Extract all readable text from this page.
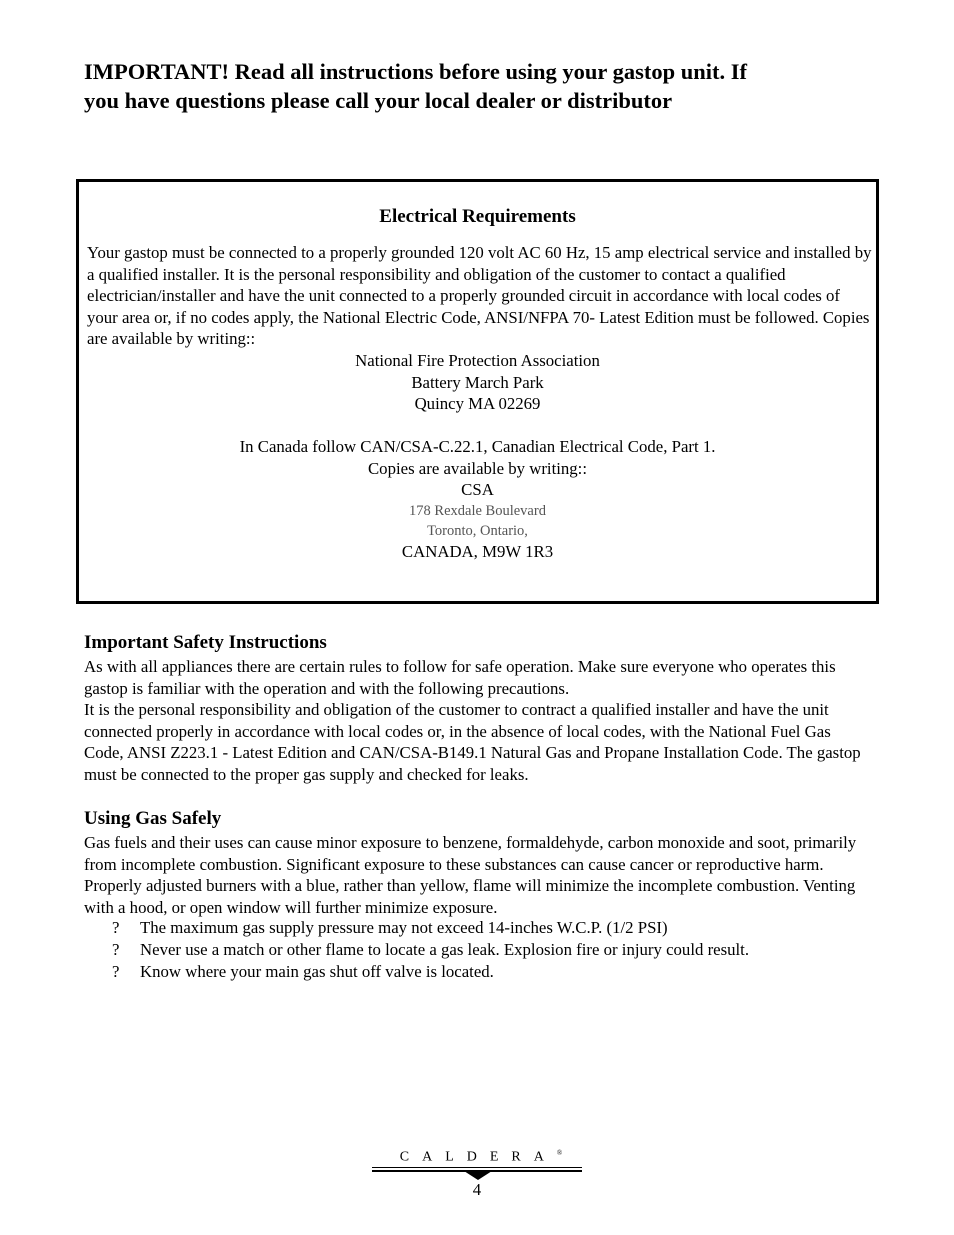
IMPORTANT! Read all instructions before using your gastop unit. If
you have questions please call your local dealer or distributor
Electrical Requirements

Your gastop must be connected to a properly grounded 120 volt AC 60 Hz, 15 amp electrical service and installed by a qualified installer. It is the personal responsibility and obligation of the customer to contact a qualified electrician/installer and have the unit connected to a properly grounded circuit in accordance with local codes of your area or, if no codes apply, the National Electric Code, ANSI/NFPA 70- Latest Edition must be followed. Copies are available by writing::

National Fire Protection Association
Battery March Park
Quincy MA 02269
In Canada follow CAN/CSA-C.22.1, Canadian Electrical Code, Part 1.
Copies are available by writing::
CSA
178 Rexdale Boulevard
Toronto, Ontario,
CANADA, M9W 1R3
Important Safety Instructions

As with all appliances there are certain rules to follow for safe operation. Make sure everyone who operates this gastop is familiar with the operation and with the following precautions.

It is the personal responsibility and obligation of the customer to contract a qualified installer and have the unit connected properly in accordance with local codes or, in the absence of local codes, with the National Fuel Gas Code, ANSI Z223.1 - Latest Edition and CAN/CSA-B149.1 Natural Gas and Propane Installation Code. The gastop must be connected to the proper gas supply and checked for leaks.

Using Gas Safely

Gas fuels and their uses can cause minor exposure to benzene, formaldehyde, carbon monoxide and soot, primarily from incomplete combustion. Significant exposure to these substances can cause cancer or reproductive harm. Properly adjusted burners with a blue, rather than yellow, flame will minimize the incomplete combustion. Venting with a hood, or open window will further minimize exposure.

? The maximum gas supply pressure may not exceed 14-inches W.C.P. (1/2 PSI)
? Never use a match or other flame to locate a gas leak. Explosion fire or injury could result.
? Know where your main gas shut off valve is located.
CALDERA®
4
